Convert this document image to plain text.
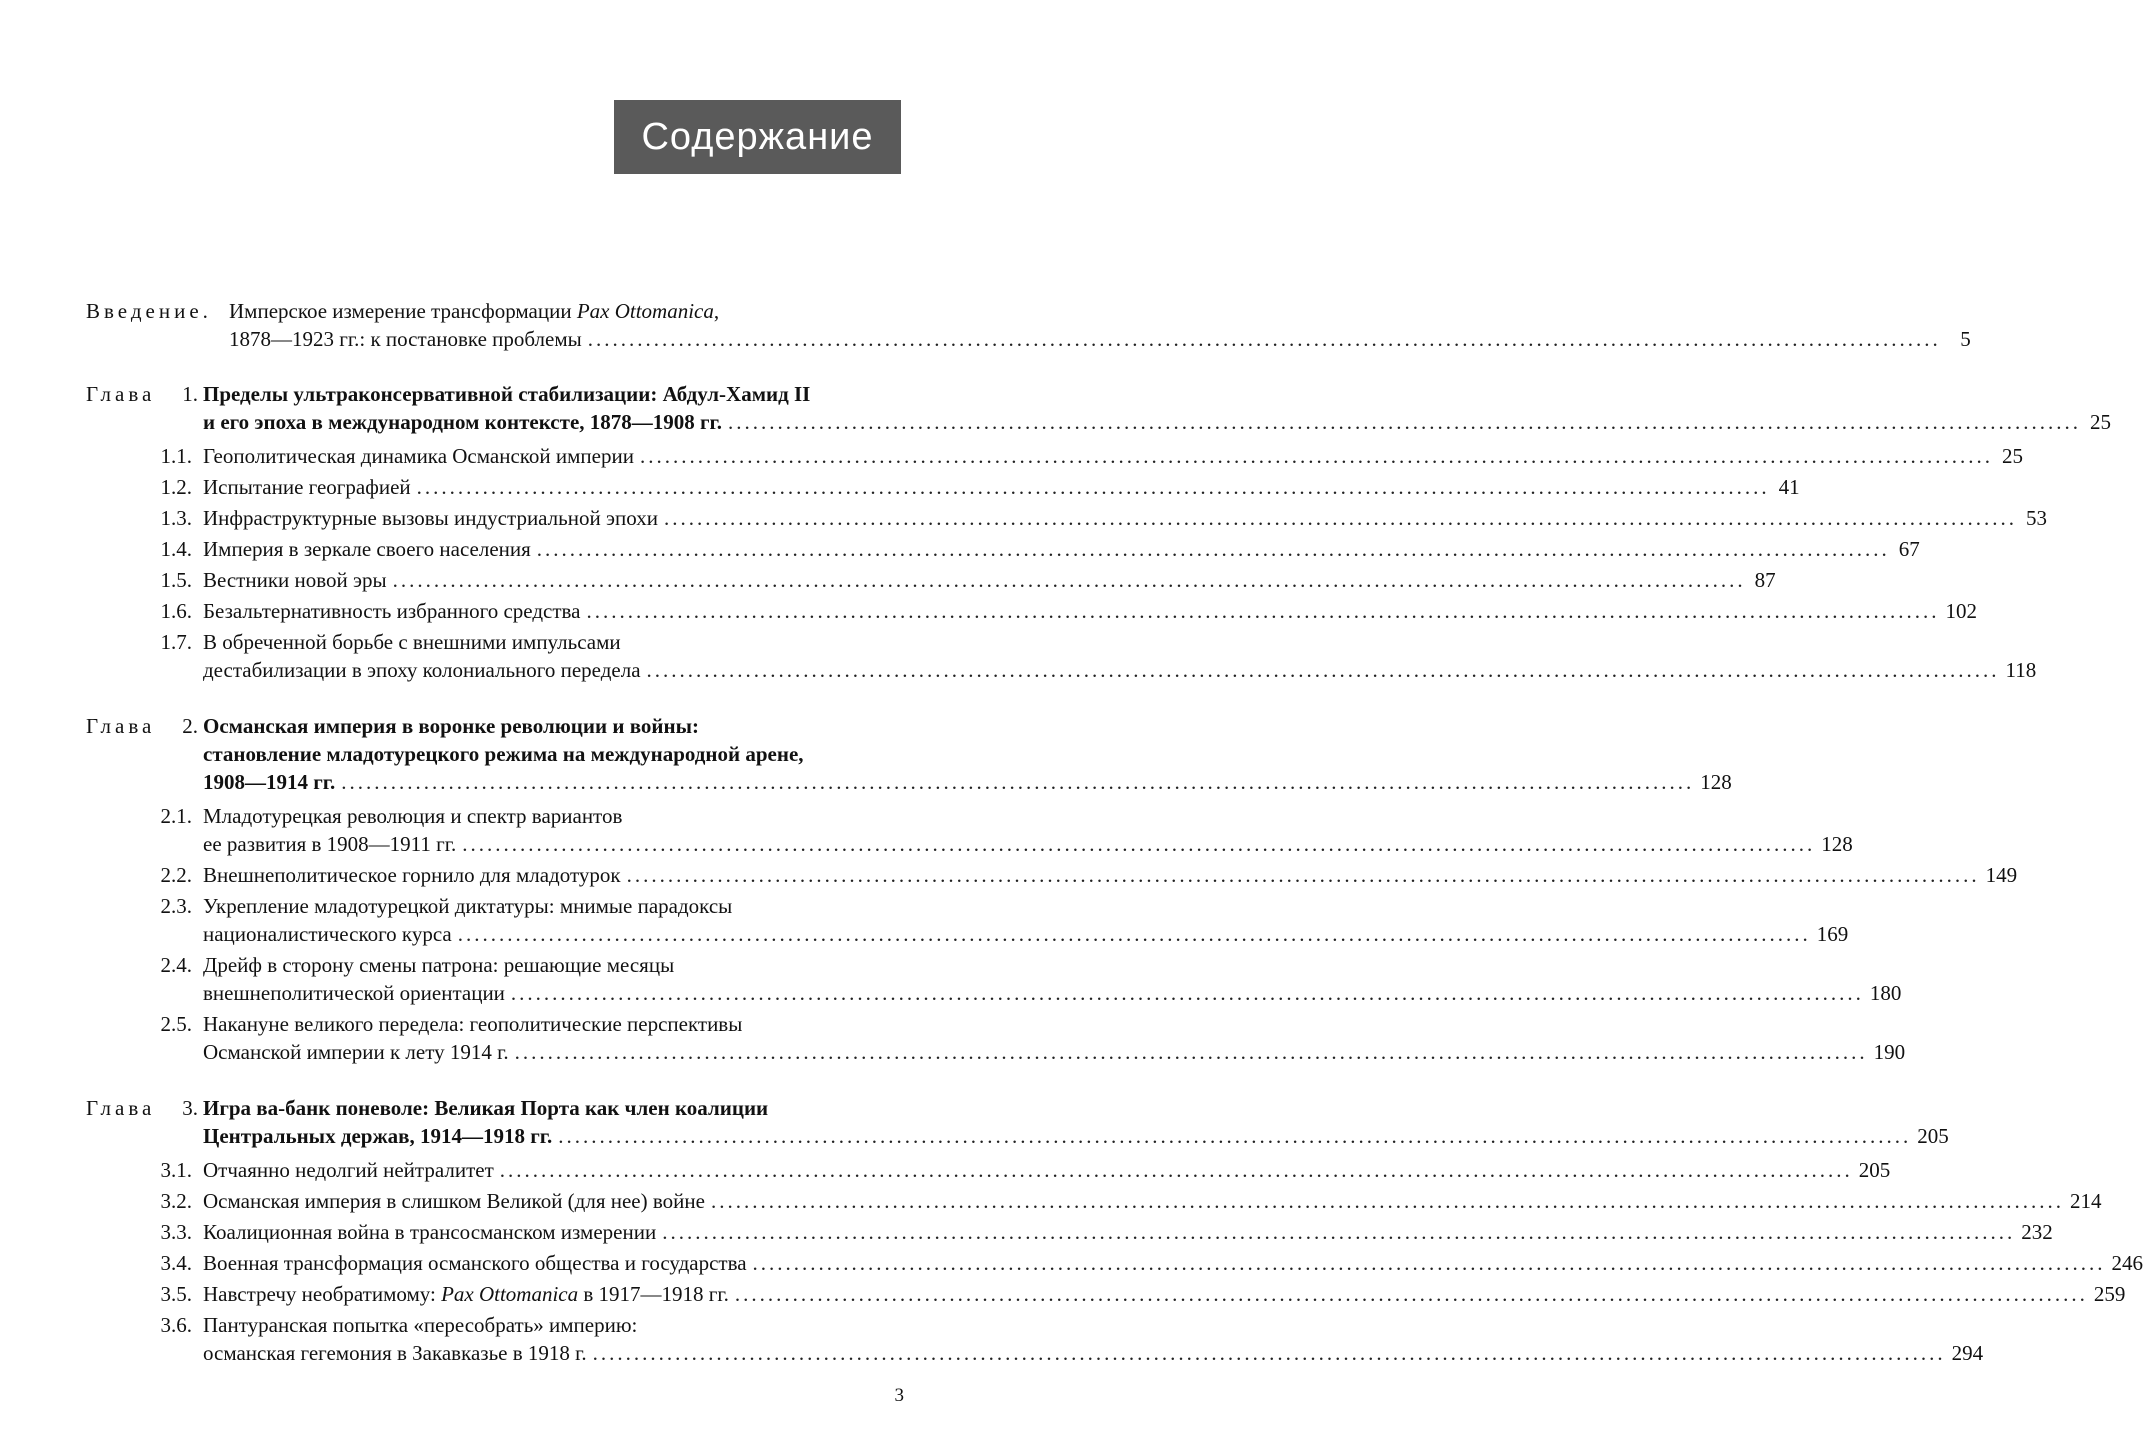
Содержание
Введение. Имперское измерение трансформации Pax Ottomanica,
1878—1923 гг.: к постановке проблемы .................................................................................................................................................................... 5
Глава	1. Пределы ультраконсервативной стабилизации: Абдул-Хамид II
и его эпоха в международном контексте, 1878—1908 гг. .................................................................................................................................................................... 25
1.1. Геополитическая динамика Османской империи .................................................................................................................................................................... 25
1.2. Испытание географией .................................................................................................................................................................... 41
1.3. Инфраструктурные вызовы индустриальной эпохи .................................................................................................................................................................... 53
1.4. Империя в зеркале своего населения .................................................................................................................................................................... 67
1.5. Вестники новой эры .................................................................................................................................................................... 87
1.6. Безальтернативность избранного средства .................................................................................................................................................................... 102
1.7. В обреченной борьбе с внешними импульсами
дестабилизации в эпоху колониального передела .................................................................................................................................................................... 118
Глава	2. Османская империя в воронке революции и войны:
становление младотурецкого режима на международной арене,
1908—1914 гг. .................................................................................................................................................................... 128
2.1. Младотурецкая революция и спектр вариантов
ее развития в 1908—1911 гг. .................................................................................................................................................................... 128
2.2. Внешнеполитическое горнило для младотурок .................................................................................................................................................................... 149
2.3. Укрепление младотурецкой диктатуры: мнимые парадоксы
националистического курса .................................................................................................................................................................... 169
2.4. Дрейф в сторону смены патрона: решающие месяцы
внешнеполитической ориентации .................................................................................................................................................................... 180
2.5. Накануне великого передела: геополитические перспективы
Османской империи к лету 1914 г. .................................................................................................................................................................... 190
Глава	3. Игра ва-банк поневоле: Великая Порта как член коалиции
Центральных держав, 1914—1918 гг. .................................................................................................................................................................... 205
3.1. Отчаянно недолгий нейтралитет .................................................................................................................................................................... 205
3.2. Османская империя в слишком Великой (для нее) войне .................................................................................................................................................................... 214
3.3. Коалиционная война в трансосманском измерении .................................................................................................................................................................... 232
3.4. Военная трансформация османского общества и государства .................................................................................................................................................................... 246
3.5. Навстречу необратимому: Pax Ottomanica в 1917—1918 гг. .................................................................................................................................................................... 259
3.6. Пантуранская попытка «пересобрать» империю:
османская гегемония в Закавказье в 1918 г. .................................................................................................................................................................... 294
3
